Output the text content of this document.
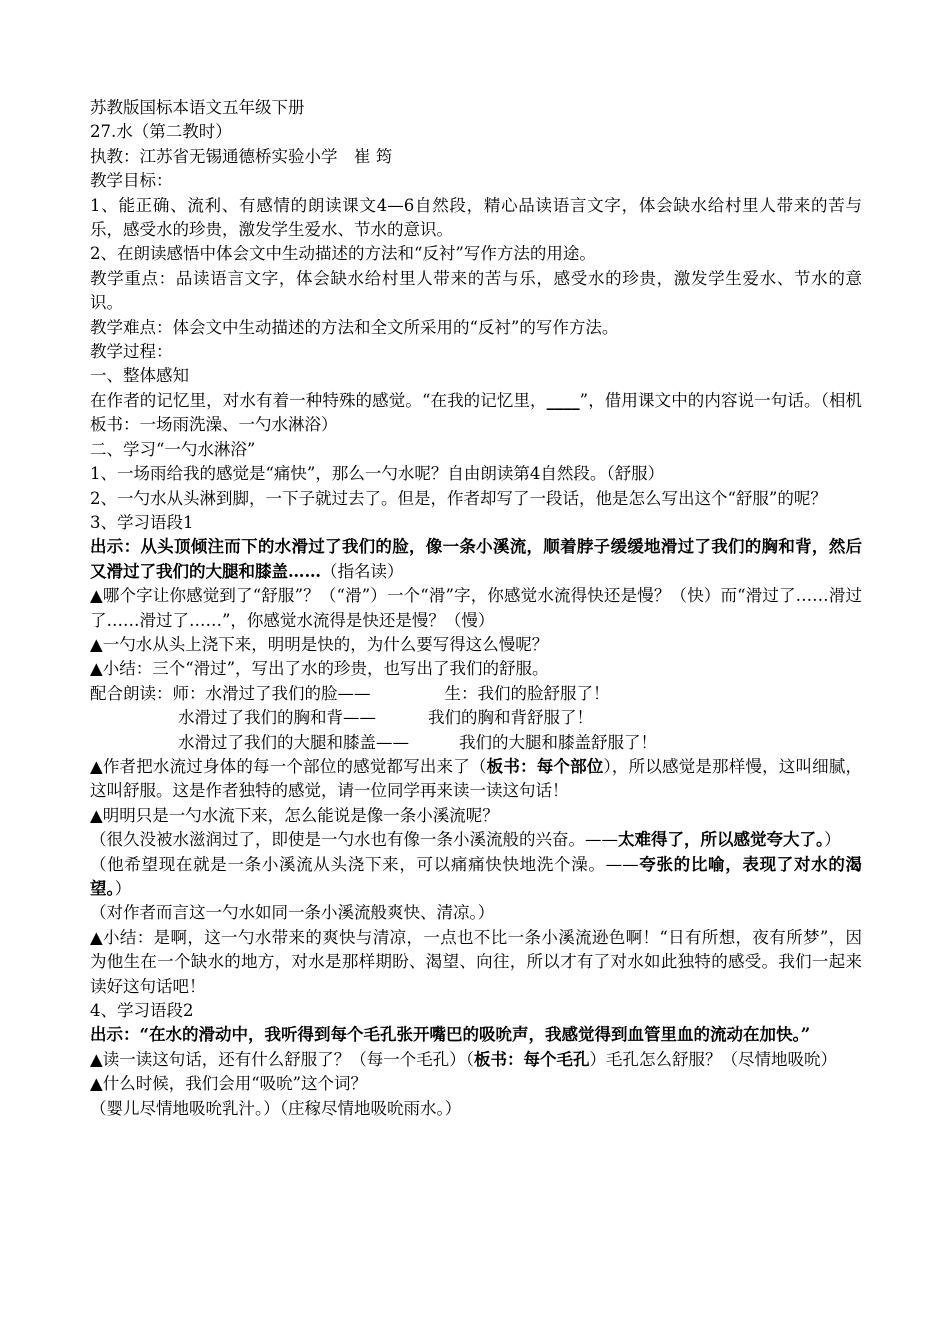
苏教版国标本语文五年级下册

27.水（第二教时）

执教：江苏省无锡通德桥实验小学　崔 筠

教学目标：

1、能正确、流利、有感情的朗读课文4—6自然段，精心品读语言文字，体会缺水给村里人带来的苦与乐，感受水的珍贵，激发学生爱水、节水的意识。

2、在朗读感悟中体会文中生动描述的方法和“反衬”写作方法的用途。

教学重点：品读语言文字，体会缺水给村里人带来的苦与乐，感受水的珍贵，激发学生爱水、节水的意识。

教学难点：体会文中生动描述的方法和全文所采用的“反衬”的写作方法。

教学过程：

一、整体感知

在作者的记忆里，对水有着一种特殊的感觉。“在我的记忆里，____”，借用课文中的内容说一句话。（相机板书：一场雨洗澡、一勺水淋浴）

二、学习“一勺水淋浴”

1、一场雨给我的感觉是“痛快”，那么一勺水呢？自由朗读第4自然段。（舒服）

2、一勺水从头淋到脚，一下子就过去了。但是，作者却写了一段话，他是怎么写出这个“舒服”的呢？

3、学习语段1

出示：从头顶倾注而下的水滑过了我们的脸，像一条小溪流，顺着脖子缓缓地滑过了我们的胸和背，然后又滑过了我们的大腿和膝盖……（指名读）

▲哪个字让你感觉到了“舒服”？（“滑”）一个“滑”字，你感觉水流得快还是慢？（快）而“滑过了……滑过了……滑过了……”，你感觉水流得是快还是慢？（慢）

▲一勺水从头上浇下来，明明是快的，为什么要写得这么慢呢？

▲小结：三个“滑过”，写出了水的珍贵，也写出了我们的舒服。

配合朗读：师：水滑过了我们的脸——	生：我们的脸舒服了！

水滑过了我们的胸和背——	我们的胸和背舒服了！

水滑过了我们的大腿和膝盖——	我们的大腿和膝盖舒服了！

▲作者把水流过身体的每一个部位的感觉都写出来了（板书：每个部位），所以感觉是那样慢，这叫细腻，这叫舒服。这是作者独特的感觉，请一位同学再来读一读这句话！

▲明明只是一勺水流下来，怎么能说是像一条小溪流呢？

（很久没被水滋润过了，即使是一勺水也有像一条小溪流般的兴奋。——太难得了，所以感觉夸大了。）

（他希望现在就是一条小溪流从头浇下来，可以痛痛快快地洗个澡。——夸张的比喻，表现了对水的渴望。）

（对作者而言这一勺水如同一条小溪流般爽快、清凉。）

▲小结：是啊，这一勺水带来的爽快与清凉，一点也不比一条小溪流逊色啊！“日有所想，夜有所梦”，因为他生在一个缺水的地方，对水是那样期盼、渴望、向往，所以才有了对水如此独特的感受。我们一起来读好这句话吧！

4、学习语段2

出示：“在水的滑动中，我听得到每个毛孔张开嘴巴的吸吮声，我感觉得到血管里血的流动在加快。”

▲读一读这句话，还有什么舒服了？（每一个毛孔）（板书：每个毛孔）毛孔怎么舒服？（尽情地吸吮）

▲什么时候，我们会用“吸吮”这个词？

（婴儿尽情地吸吮乳汁。）（庄稼尽情地吸吮雨水。）
